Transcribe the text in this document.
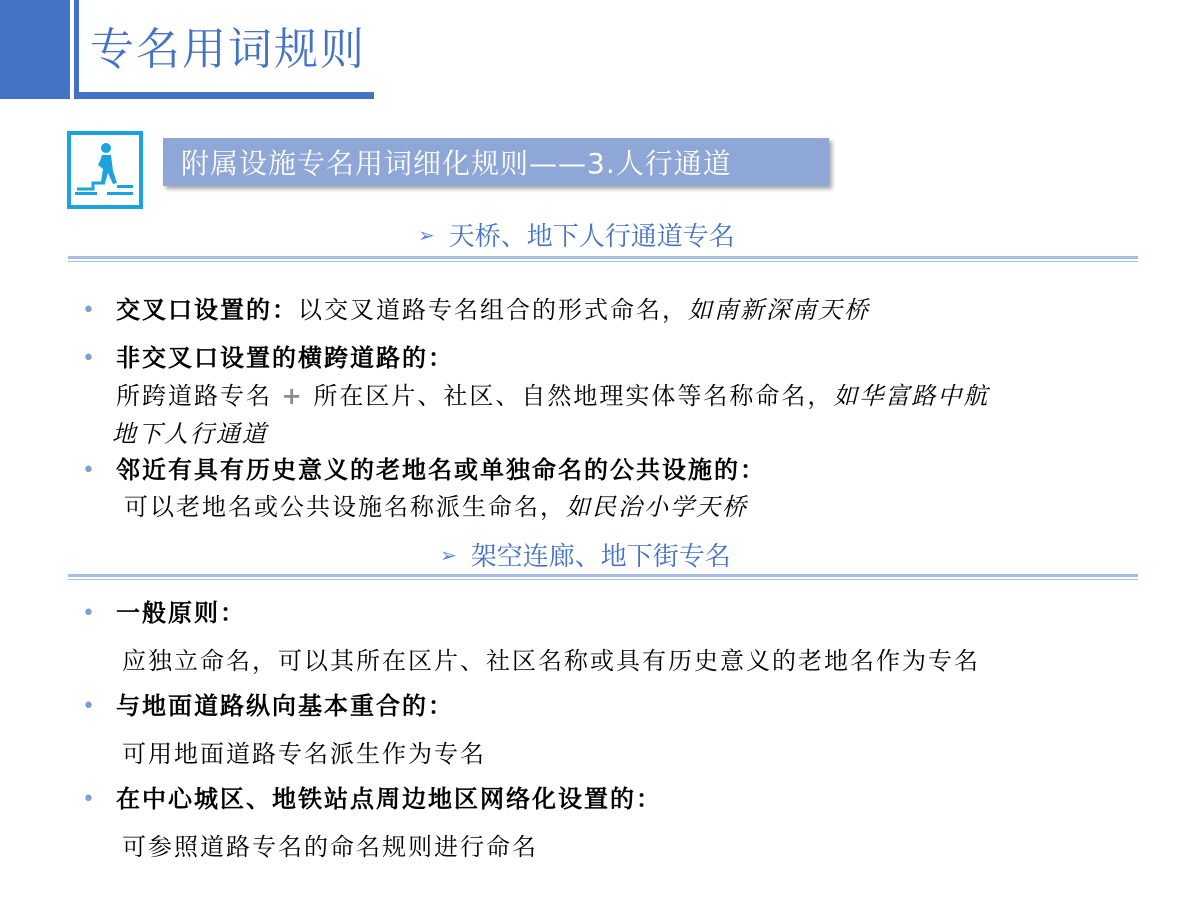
专名用词规则
附属设施专名用词细化规则——3.人行通道
➢ 天桥、地下人行通道专名
• 交叉口设置的：以交叉道路专名组合的形式命名，如南新深南天桥
• 非交叉口设置的横跨道路的：
所跨道路专名 + 所在区片、社区、自然地理实体等名称命名，如华富路中航
地下人行通道
• 邻近有具有历史意义的老地名或单独命名的公共设施的：
可以老地名或公共设施名称派生命名，如民治小学天桥
➢ 架空连廊、地下街专名
• 一般原则：
应独立命名，可以其所在区片、社区名称或具有历史意义的老地名作为专名
• 与地面道路纵向基本重合的：
可用地面道路专名派生作为专名
• 在中心城区、地铁站点周边地区网络化设置的：
可参照道路专名的命名规则进行命名
